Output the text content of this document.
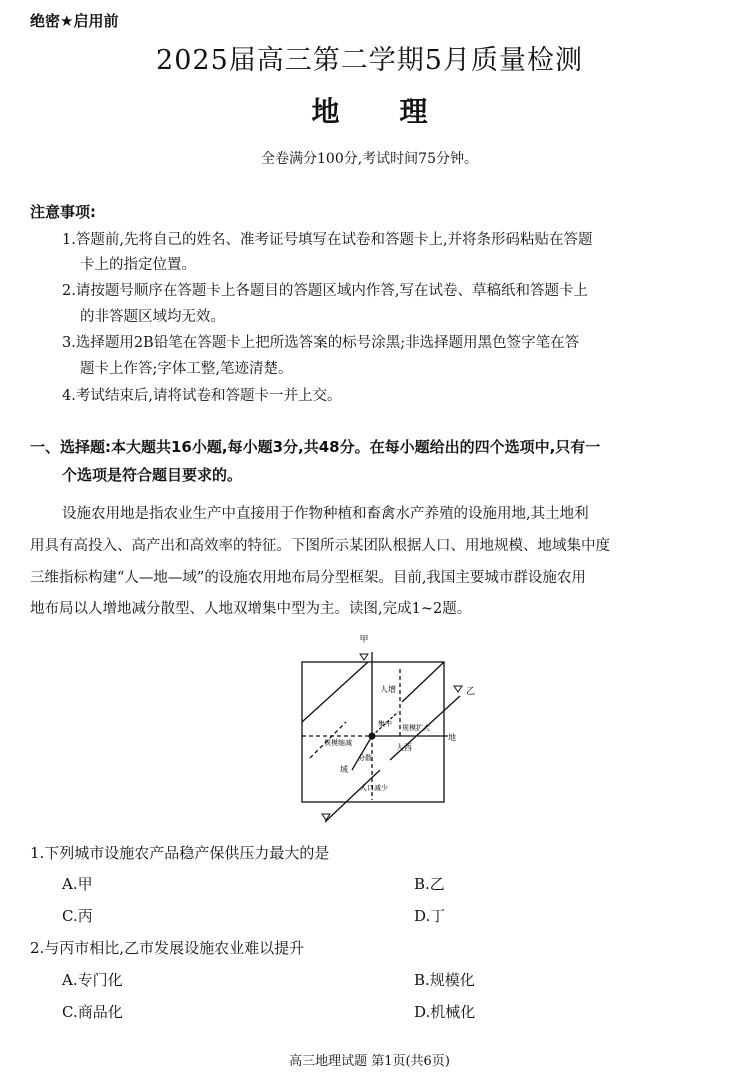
绝密★启用前
2025届高三第二学期5月质量检测
地理
全卷满分100分,考试时间75分钟。
注意事项:
1.答题前,先将自己的姓名、准考证号填写在试卷和答题卡上,并将条形码粘贴在答题
卡上的指定位置。
2.请按题号顺序在答题卡上各题目的答题区域内作答,写在试卷、草稿纸和答题卡上
的非答题区域均无效。
3.选择题用2B铅笔在答题卡上把所选答案的标号涂黑;非选择题用黑色签字笔在答
题卡上作答;字体工整,笔迹清楚。
4.考试结束后,请将试卷和答题卡一并上交。
一、选择题:本大题共16小题,每小题3分,共48分。在每小题给出的四个选项中,只有一
个选项是符合题目要求的。
设施农用地是指农业生产中直接用于作物种植和畜禽水产养殖的设施用地,其土地利
用具有高投入、高产出和高效率的特征。下图所示某团队根据人口、用地规模、地域集中度
三维指标构建“人—地—域”的设施农用地布局分型框架。目前,我国主要城市群设施农用
地布局以人增地减分散型、人地双增集中型为主。读图,完成1~2题。
甲
乙
地
域
人增
集中 规模扩大
规模缩减	人西
分散
人口减少
1.下列城市设施农产品稳产保供压力最大的是
A.甲	B.乙
C.丙	D.丁
2.与丙市相比,乙市发展设施农业难以提升
A.专门化	B.规模化
C.商品化	D.机械化
高三地理试题 第1页(共6页)
